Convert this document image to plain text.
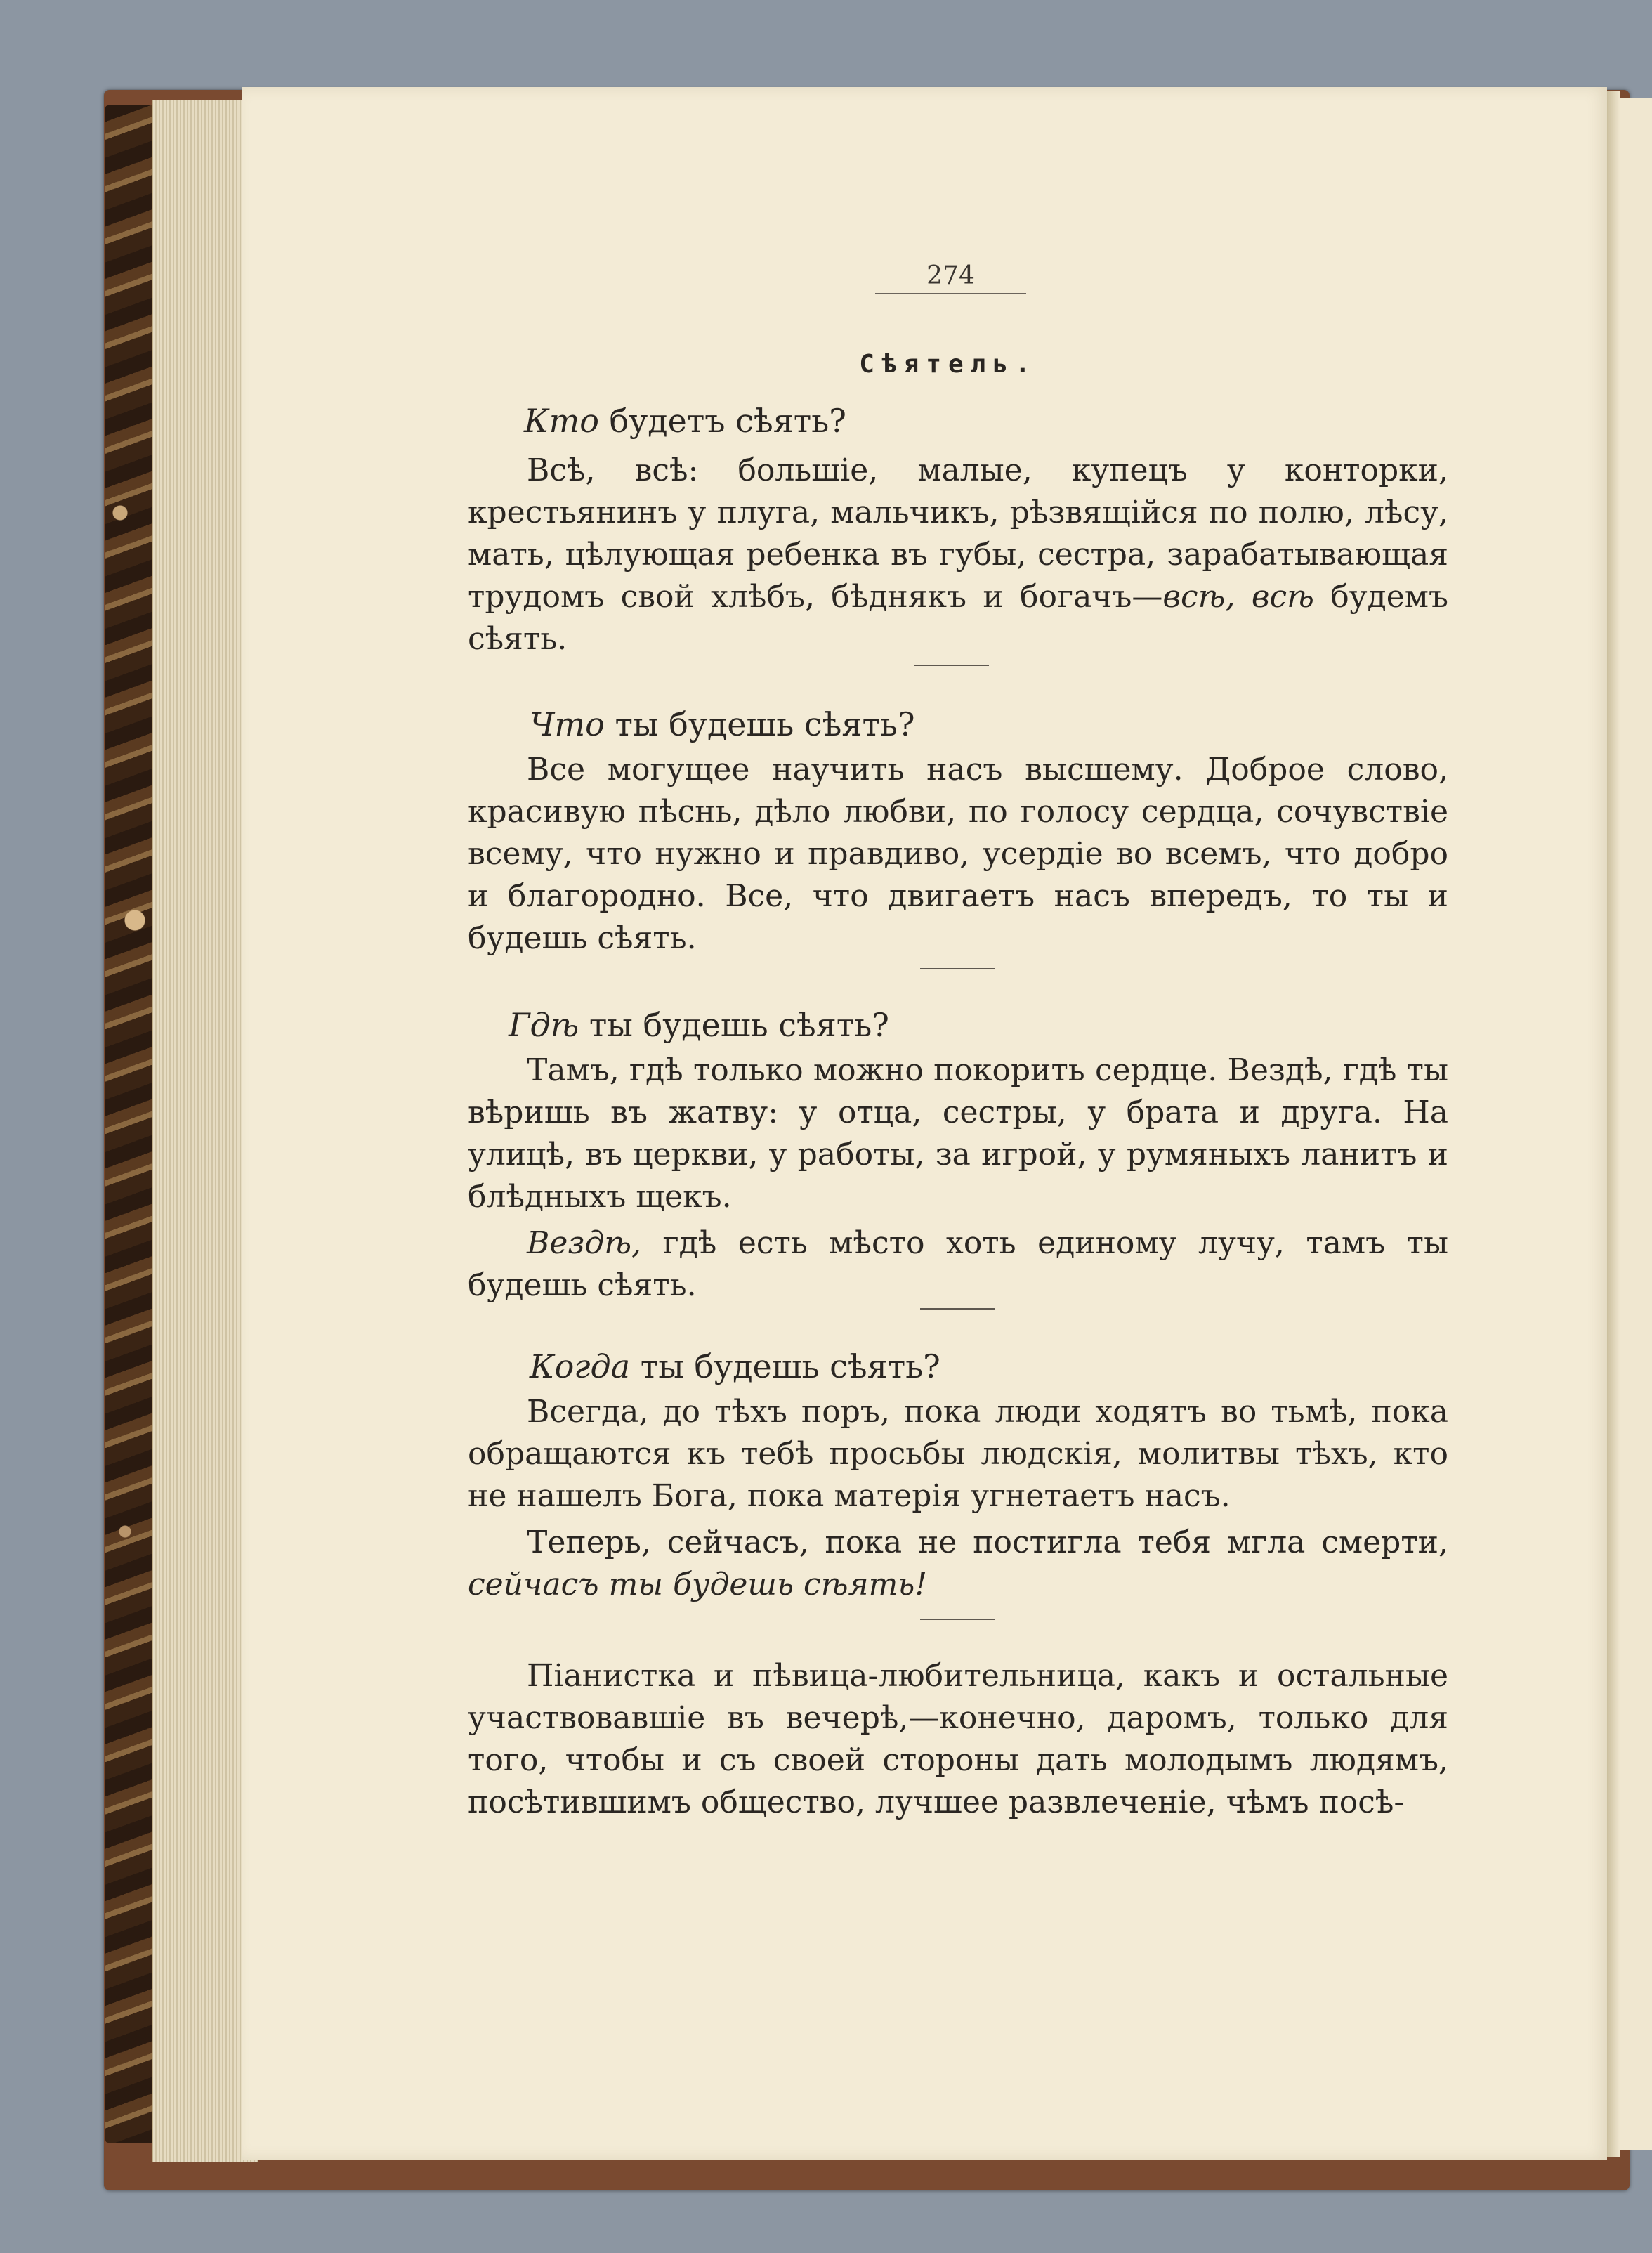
274
Сѣятель.
Кто будетъ сѣять?
Всѣ, всѣ: большіе, малые, купецъ у конторки, крестьянинъ у плуга, мальчикъ, рѣзвящійся по полю, лѣсу, мать, цѣлующая ребенка въ губы, сестра, зарабатывающая трудомъ свой хлѣбъ, бѣднякъ и богачъ—всѣ, всѣ будемъ сѣять.
Что ты будешь сѣять?
Все могущее научить насъ высшему. Доброе слово, красивую пѣснь, дѣло любви, по голосу сердца, сочувствіе всему, что нужно и правдиво, усердіе во всемъ, что добро и благородно. Все, что двигаетъ насъ впередъ, то ты и будешь сѣять.
Гдѣ ты будешь сѣять?
Тамъ, гдѣ только можно покорить сердце. Вездѣ, гдѣ ты вѣришь въ жатву: у отца, сестры, у брата и друга. На улицѣ, въ церкви, у работы, за игрой, у румяныхъ ланитъ и блѣдныхъ щекъ.
Вездѣ, гдѣ есть мѣсто хоть единому лучу, тамъ ты будешь сѣять.
Когда ты будешь сѣять?
Всегда, до тѣхъ поръ, пока люди ходятъ во тьмѣ, пока обращаются къ тебѣ просьбы людскія, молитвы тѣхъ, кто не нашелъ Бога, пока матерія угнетаетъ насъ.
Теперь, сейчасъ, пока не постигла тебя мгла смерти, сейчасъ ты будешь сѣять!
Піанистка и пѣвица-любительница, какъ и остальные участвовавшіе въ вечерѣ,—конечно, даромъ, только для того, чтобы и съ своей стороны дать молодымъ людямъ, посѣтившимъ общество, лучшее развлеченіе, чѣмъ посѣ-
